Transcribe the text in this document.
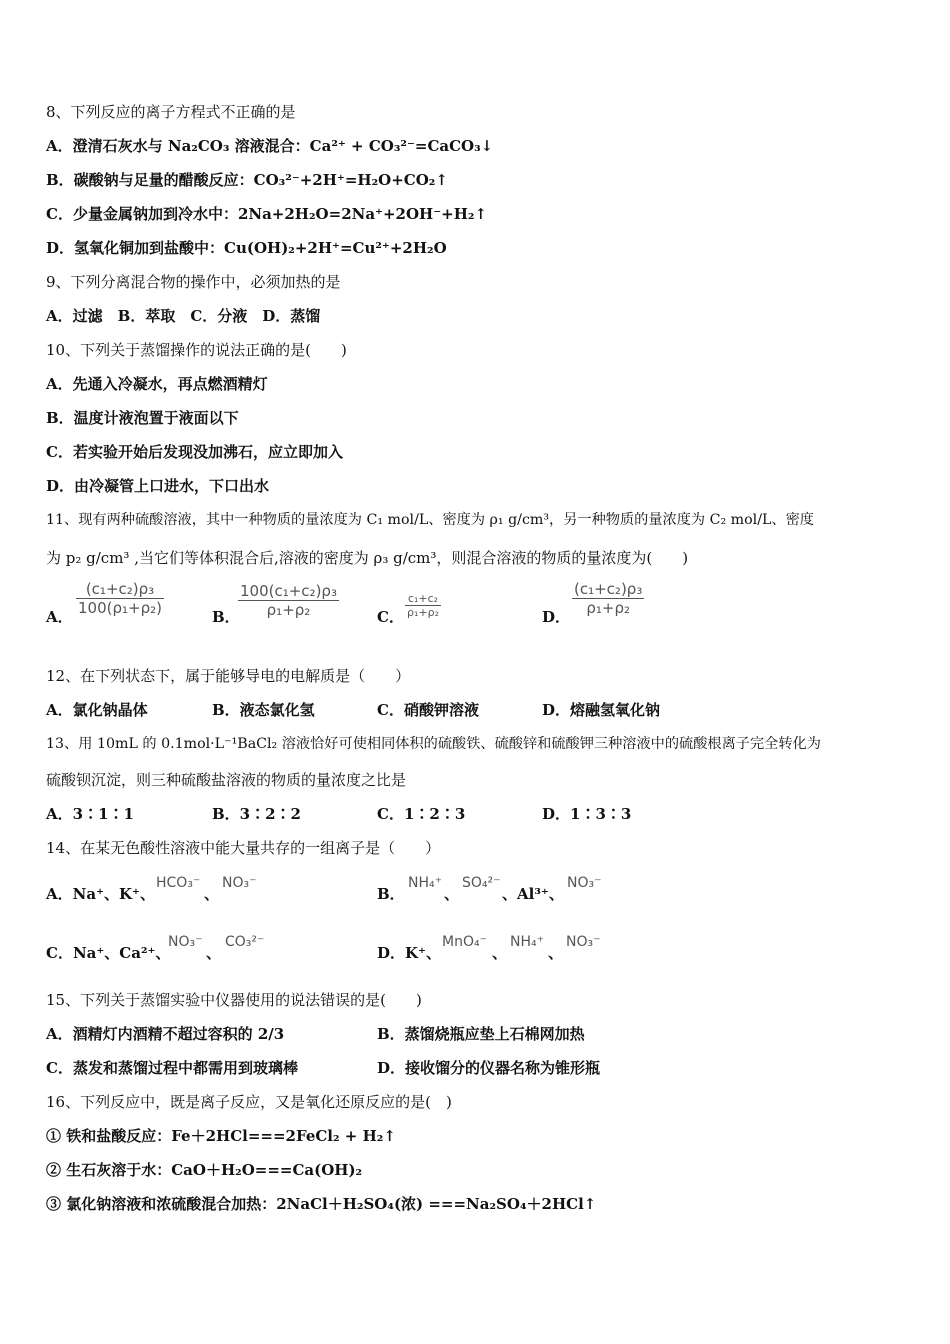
8、下列反应的离子方程式不正确的是
A．澄清石灰水与 Na₂CO₃ 溶液混合：Ca²⁺ + CO₃²⁻=CaCO₃↓
B．碳酸钠与足量的醋酸反应：CO₃²⁻+2H⁺=H₂O+CO₂↑
C．少量金属钠加到冷水中：2Na+2H₂O=2Na⁺+2OH⁻+H₂↑
D．氢氧化铜加到盐酸中：Cu(OH)₂+2H⁺=Cu²⁺+2H₂O
9、下列分离混合物的操作中，必须加热的是
A．过滤　B．萃取　C．分液　D．蒸馏
10、下列关于蒸馏操作的说法正确的是(　　)
A．先通入冷凝水，再点燃酒精灯
B．温度计液泡置于液面以下
C．若实验开始后发现没加沸石，应立即加入
D．由冷凝管上口进水，下口出水
11、现有两种硫酸溶液，其中一种物质的量浓度为 C₁ mol/L、密度为 ρ₁ g/cm³，另一种物质的量浓度为 C₂ mol/L、密度
为 p₂ g/cm³ ,当它们等体积混合后,溶液的密度为 ρ₃ g/cm³，则混合溶液的物质的量浓度为(　　)
A． $\frac{\text{(c₁+c₂)ρ₃}}{\text{100(ρ₁+ρ₂)}}$	B．
$\frac{\text{100(c₁+c₂)ρ₃}}{\text{ρ₁+ρ₂}}$	C． $\frac{\text{c₁+c₂}}{\text{ρ₁+ρ₂}}$	D． $\frac{\text{(c₁+c₂)ρ₃}}{\text{ρ₁+ρ₂}}$
12、在下列状态下，属于能够导电的电解质是（　　）
A．氯化钠晶体	B．液态氯化氢	C．硝酸钾溶液	D．熔融氢氧化钠
13、用 10mL 的 0.1mol·L⁻¹BaCl₂ 溶液恰好可使相同体积的硫酸铁、硫酸锌和硫酸钾三种溶液中的硫酸根离子完全转化为
硫酸钡沉淀，则三种硫酸盐溶液的物质的量浓度之比是
A．3∶1∶1	B．3∶2∶2	C．1∶2∶3	D．1∶3∶3
14、在某无色酸性溶液中能大量共存的一组离子是（　　）
A．Na⁺、K⁺、
HCO₃⁻
、
NO₃⁻
B．
NH₄⁺
、
SO₄²⁻
、Al³⁺、
NO₃⁻
C．Na⁺、Ca²⁺、
NO₃⁻
、
CO₃²⁻
D．K⁺、
MnO₄⁻
、
NH₄⁺
、
NO₃⁻
15、下列关于蒸馏实验中仪器使用的说法错误的是(　　)
A．酒精灯内酒精不超过容积的 2/3	B．蒸馏烧瓶应垫上石棉网加热
C．蒸发和蒸馏过程中都需用到玻璃棒	D．接收馏分的仪器名称为锥形瓶
16、下列反应中，既是离子反应，又是氧化还原反应的是(　)
① 铁和盐酸反应：Fe＋2HCl===2FeCl₂ + H₂↑
② 生石灰溶于水：CaO＋H₂O===Ca(OH)₂
③ 氯化钠溶液和浓硫酸混合加热：2NaCl＋H₂SO₄(浓) ===Na₂SO₄＋2HCl↑
